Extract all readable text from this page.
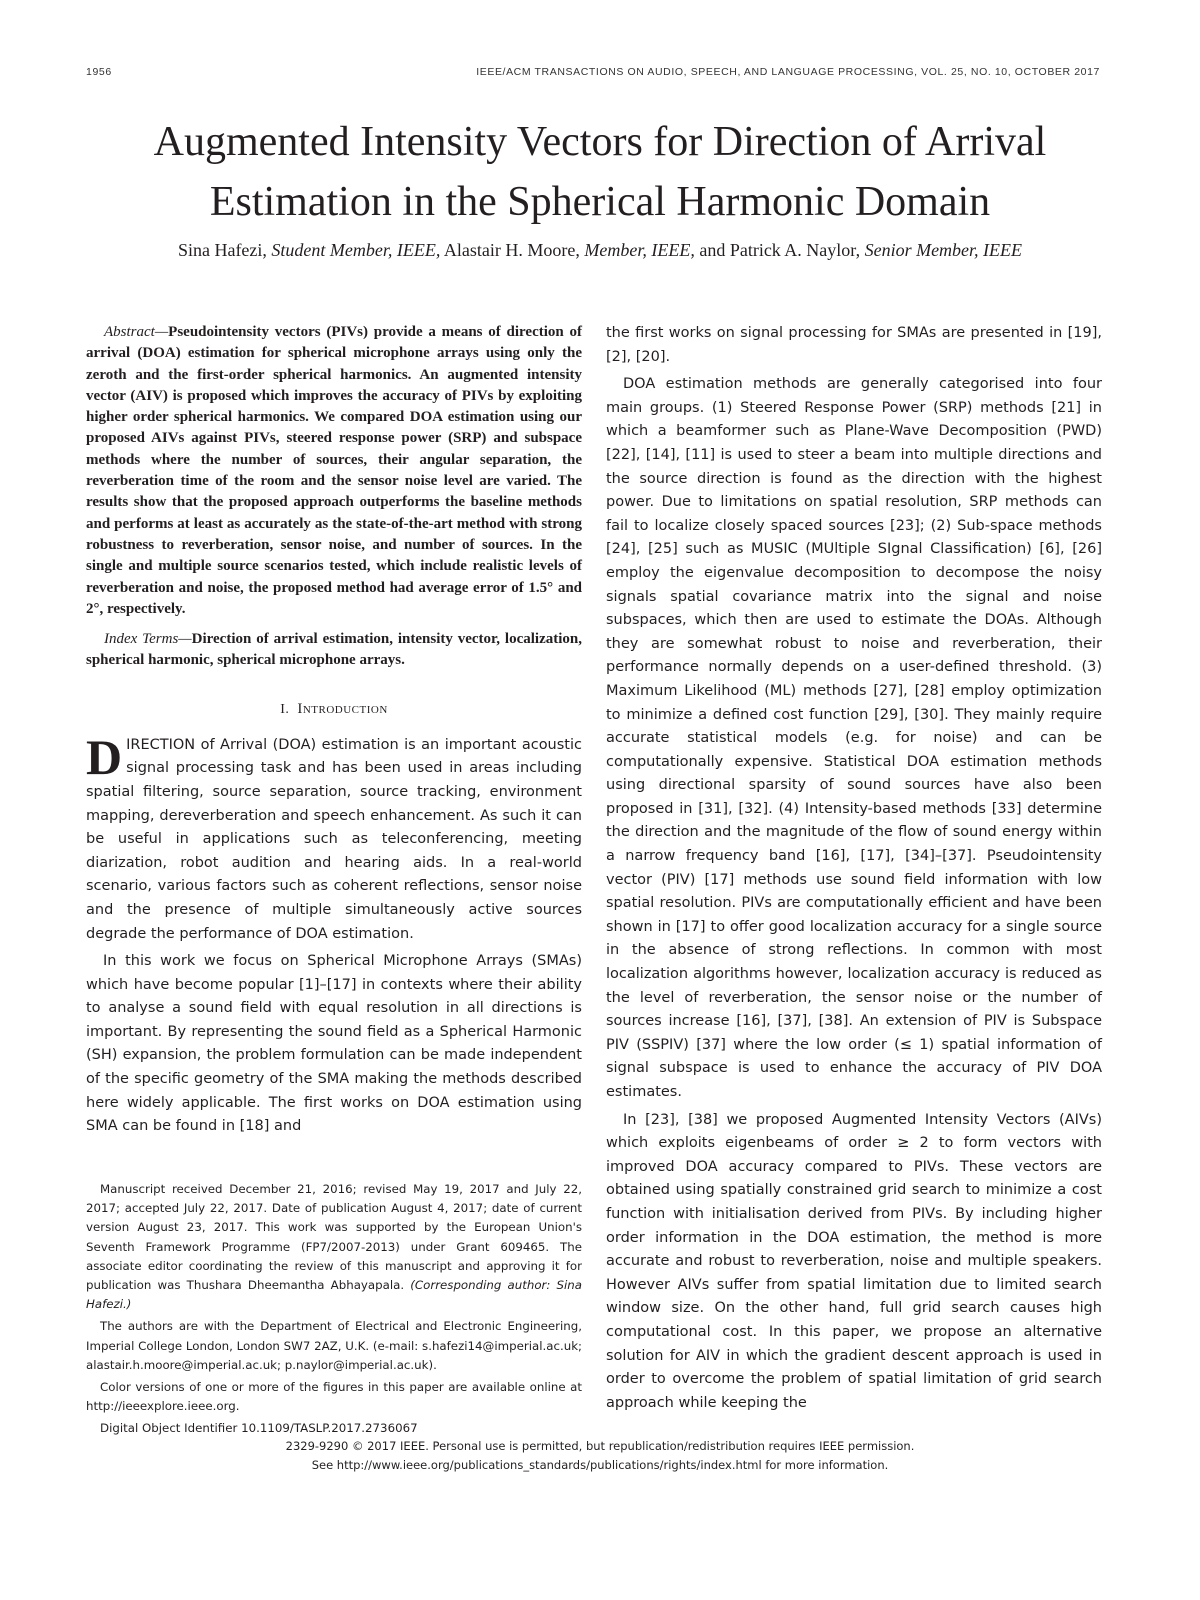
1956	IEEE/ACM TRANSACTIONS ON AUDIO, SPEECH, AND LANGUAGE PROCESSING, VOL. 25, NO. 10, OCTOBER 2017
Augmented Intensity Vectors for Direction of Arrival
Estimation in the Spherical Harmonic Domain
Sina Hafezi, Student Member, IEEE, Alastair H. Moore, Member, IEEE, and Patrick A. Naylor, Senior Member, IEEE

Abstract—Pseudointensity vectors (PIVs) provide a means of direction of arrival (DOA) estimation for spherical microphone arrays using only the zeroth and the first-order spherical harmonics. An augmented intensity vector (AIV) is proposed which improves the accuracy of PIVs by exploiting higher order spherical harmonics. We compared DOA estimation using our proposed AIVs against PIVs, steered response power (SRP) and subspace methods where the number of sources, their angular separation, the reverberation time of the room and the sensor noise level are varied. The results show that the proposed approach outperforms the baseline methods and performs at least as accurately as the state-of-the-art method with strong robustness to reverberation, sensor noise, and number of sources. In the single and multiple source scenarios tested, which include realistic levels of reverberation and noise, the proposed method had average error of 1.5° and 2°, respectively.

Index Terms—Direction of arrival estimation, intensity vector, localization, spherical harmonic, spherical microphone arrays.

I. Introduction

DIRECTION of Arrival (DOA) estimation is an important acoustic signal processing task and has been used in areas including spatial filtering, source separation, source tracking, environment mapping, dereverberation and speech enhancement. As such it can be useful in applications such as teleconferencing, meeting diarization, robot audition and hearing aids. In a real-world scenario, various factors such as coherent reflections, sensor noise and the presence of multiple simultaneously active sources degrade the performance of DOA estimation.

In this work we focus on Spherical Microphone Arrays (SMAs) which have become popular [1]–[17] in contexts where their ability to analyse a sound field with equal resolution in all directions is important. By representing the sound field as a Spherical Harmonic (SH) expansion, the problem formulation can be made independent of the specific geometry of the SMA making the methods described here widely applicable. The first works on DOA estimation using SMA can be found in [18] and

Manuscript received December 21, 2016; revised May 19, 2017 and July 22, 2017; accepted July 22, 2017. Date of publication August 4, 2017; date of current version August 23, 2017. This work was supported by the European Union's Seventh Framework Programme (FP7/2007-2013) under Grant 609465. The associate editor coordinating the review of this manuscript and approving it for publication was Thushara Dheemantha Abhayapala. (Corresponding author: Sina Hafezi.)

The authors are with the Department of Electrical and Electronic Engineering, Imperial College London, London SW7 2AZ, U.K. (e-mail: s.hafezi14@imperial.ac.uk; alastair.h.moore@imperial.ac.uk; p.naylor@imperial.ac.uk).

Color versions of one or more of the figures in this paper are available online at http://ieeexplore.ieee.org.

Digital Object Identifier 10.1109/TASLP.2017.2736067

the first works on signal processing for SMAs are presented in [19], [2], [20].

DOA estimation methods are generally categorised into four main groups. (1) Steered Response Power (SRP) methods [21] in which a beamformer such as Plane-Wave Decomposition (PWD) [22], [14], [11] is used to steer a beam into multiple directions and the source direction is found as the direction with the highest power. Due to limitations on spatial resolution, SRP methods can fail to localize closely spaced sources [23]; (2) Sub-space methods [24], [25] such as MUSIC (MUltiple SIgnal Classification) [6], [26] employ the eigenvalue decomposition to decompose the noisy signals spatial covariance matrix into the signal and noise subspaces, which then are used to estimate the DOAs. Although they are somewhat robust to noise and reverberation, their performance normally depends on a user-defined threshold. (3) Maximum Likelihood (ML) methods [27], [28] employ optimization to minimize a defined cost function [29], [30]. They mainly require accurate statistical models (e.g. for noise) and can be computationally expensive. Statistical DOA estimation methods using directional sparsity of sound sources have also been proposed in [31], [32]. (4) Intensity-based methods [33] determine the direction and the magnitude of the flow of sound energy within a narrow frequency band [16], [17], [34]–[37]. Pseudointensity vector (PIV) [17] methods use sound field information with low spatial resolution. PIVs are computationally efficient and have been shown in [17] to offer good localization accuracy for a single source in the absence of strong reflections. In common with most localization algorithms however, localization accuracy is reduced as the level of reverberation, the sensor noise or the number of sources increase [16], [37], [38]. An extension of PIV is Subspace PIV (SSPIV) [37] where the low order (≤ 1) spatial information of signal subspace is used to enhance the accuracy of PIV DOA estimates.

In [23], [38] we proposed Augmented Intensity Vectors (AIVs) which exploits eigenbeams of order ≥ 2 to form vectors with improved DOA accuracy compared to PIVs. These vectors are obtained using spatially constrained grid search to minimize a cost function with initialisation derived from PIVs. By including higher order information in the DOA estimation, the method is more accurate and robust to reverberation, noise and multiple speakers. However AIVs suffer from spatial limitation due to limited search window size. On the other hand, full grid search causes high computational cost. In this paper, we propose an alternative solution for AIV in which the gradient descent approach is used in order to overcome the problem of spatial limitation of grid search approach while keeping the

2329-9290 © 2017 IEEE. Personal use is permitted, but republication/redistribution requires IEEE permission.
See http://www.ieee.org/publications_standards/publications/rights/index.html for more information.
